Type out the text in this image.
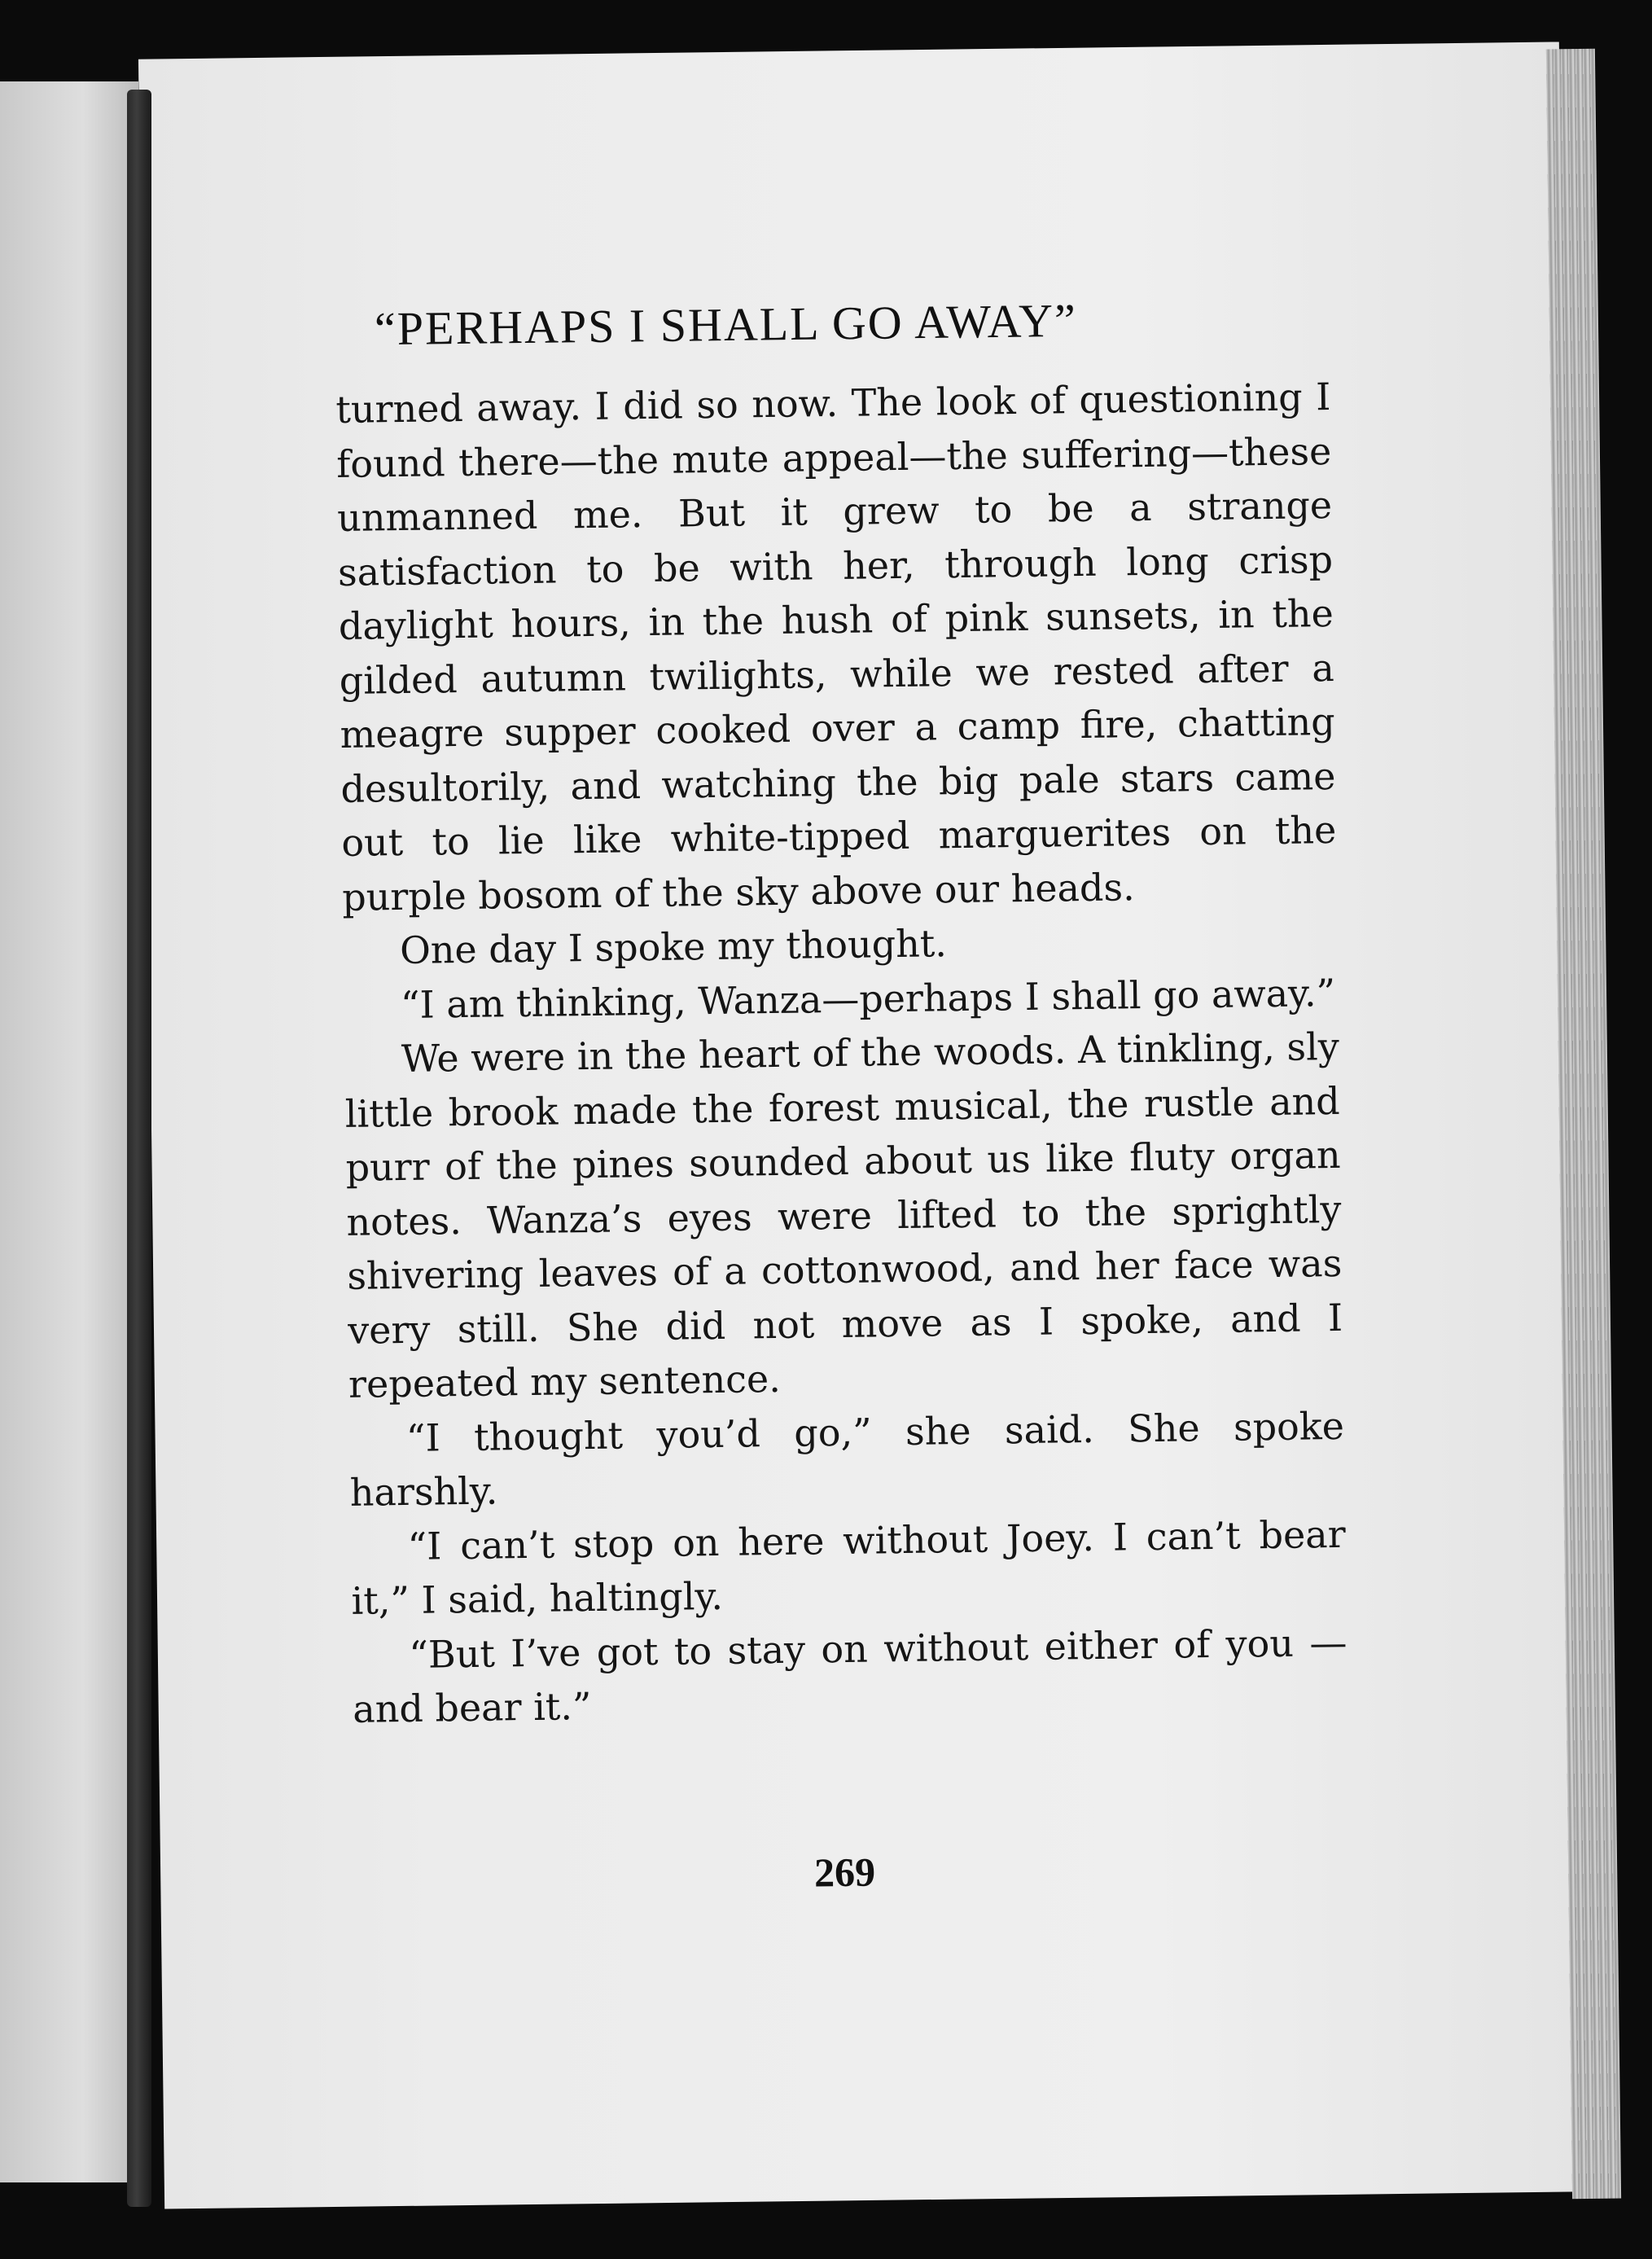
“PERHAPS I SHALL GO AWAY”

turned away. I did so now. The look of questioning I found there—the mute appeal—the suffering—these unmanned me. But it grew to be a strange satisfaction to be with her, through long crisp daylight hours, in the hush of pink sunsets, in the gilded autumn twilights, while we rested after a meagre supper cooked over a camp fire, chatting desultorily, and watching the big pale stars came out to lie like white-tipped marguerites on the purple bosom of the sky above our heads.

One day I spoke my thought.

“I am thinking, Wanza—perhaps I shall go away.”

We were in the heart of the woods. A tinkling, sly little brook made the forest musical, the rustle and purr of the pines sounded about us like fluty organ notes. Wanza’s eyes were lifted to the sprightly shivering leaves of a cottonwood, and her face was very still. She did not move as I spoke, and I repeated my sentence.

“I thought you’d go,” she said. She spoke harshly.

“I can’t stop on here without Joey. I can’t bear it,” I said, haltingly.

“But I’ve got to stay on without either of you —and bear it.”

269
